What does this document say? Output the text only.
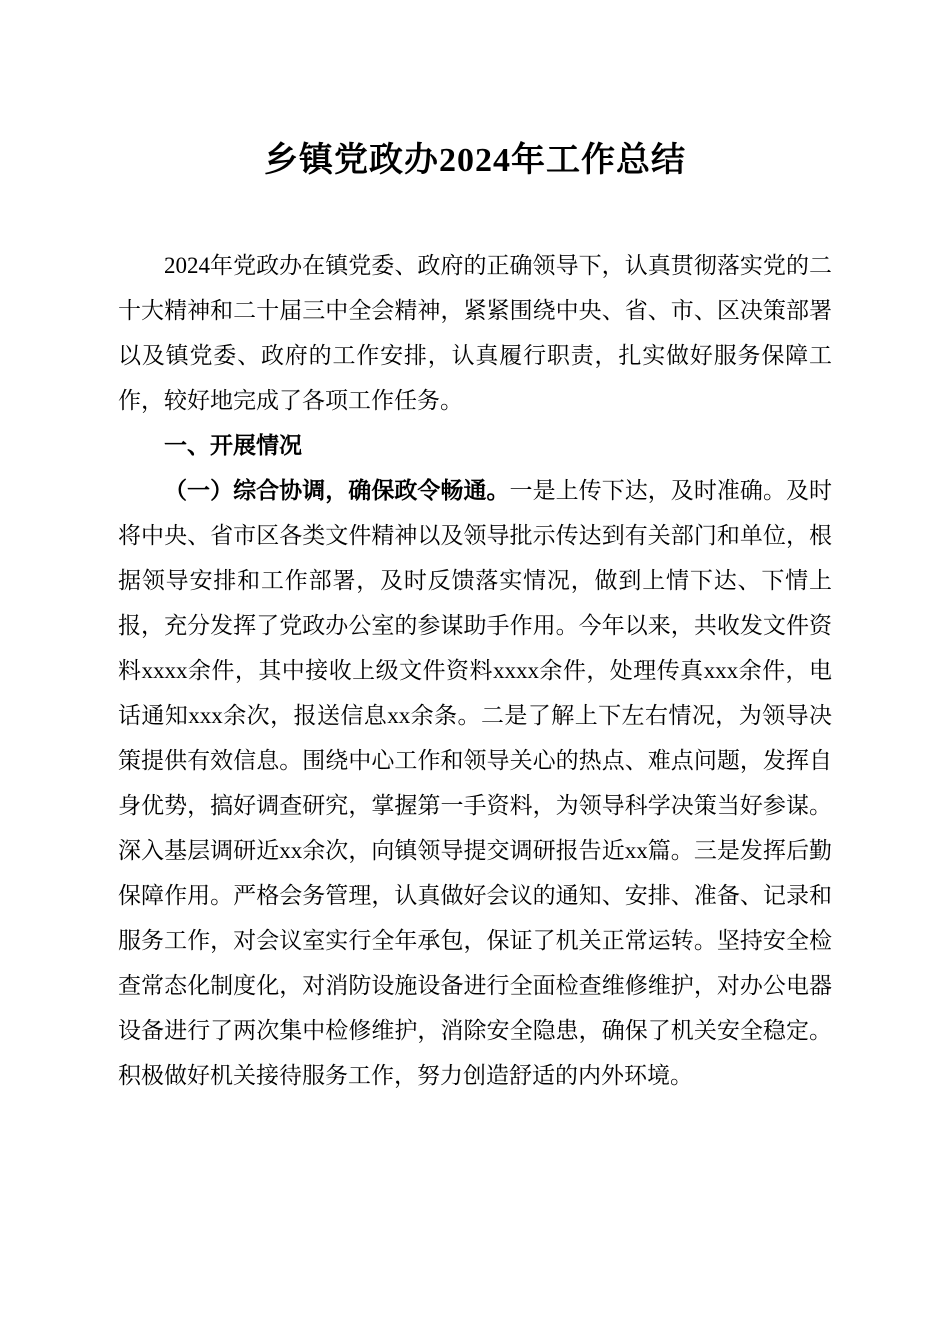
乡镇党政办2024年工作总结

2024年党政办在镇党委、政府的正确领导下，认真贯彻落实党的二十大精神和二十届三中全会精神，紧紧围绕中央、省、市、区决策部署以及镇党委、政府的工作安排，认真履行职责，扎实做好服务保障工作，较好地完成了各项工作任务。

一、开展情况

（一）综合协调，确保政令畅通。一是上传下达，及时准确。及时将中央、省市区各类文件精神以及领导批示传达到有关部门和单位，根据领导安排和工作部署，及时反馈落实情况，做到上情下达、下情上报，充分发挥了党政办公室的参谋助手作用。今年以来，共收发文件资料xxxx余件，其中接收上级文件资料xxxx余件，处理传真xxx余件，电话通知xxx余次，报送信息xx余条。二是了解上下左右情况，为领导决策提供有效信息。围绕中心工作和领导关心的热点、难点问题，发挥自身优势，搞好调查研究，掌握第一手资料，为领导科学决策当好参谋。深入基层调研近xx余次，向镇领导提交调研报告近xx篇。三是发挥后勤保障作用。严格会务管理，认真做好会议的通知、安排、准备、记录和服务工作，对会议室实行全年承包，保证了机关正常运转。坚持安全检查常态化制度化，对消防设施设备进行全面检查维修维护，对办公电器设备进行了两次集中检修维护，消除安全隐患，确保了机关安全稳定。积极做好机关接待服务工作，努力创造舒适的内外环境。
